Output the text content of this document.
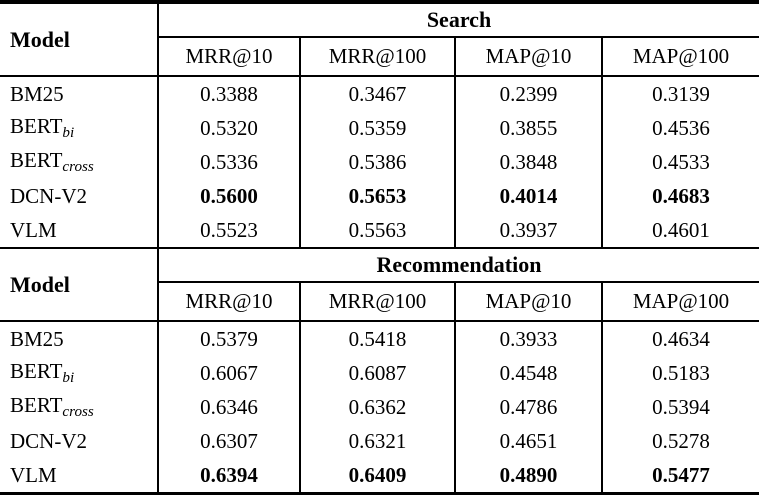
Model	Search			
	MRR@10	MRR@100	MAP@10	MAP@100
BM25	0.3388	0.3467	0.2399	0.3139
$BERT_{bi}$	0.5320	0.5359	0.3855	0.4536
$BERT_{cross}$	0.5336	0.5386	0.3848	0.4533
DCN-V2	0.5600	0.5653	0.4014	0.4683
VLM	0.5523	0.5563	0.3937	0.4601
Model	Recommendation			
	MRR@10	MRR@100	MAP@10	MAP@100
BM25	0.5379	0.5418	0.3933	0.4634
$BERT_{bi}$	0.6067	0.6087	0.4548	0.5183
$BERT_{cross}$	0.6346	0.6362	0.4786	0.5394
DCN-V2	0.6307	0.6321	0.4651	0.5278
VLM	0.6394	0.6409	0.4890	0.5477
